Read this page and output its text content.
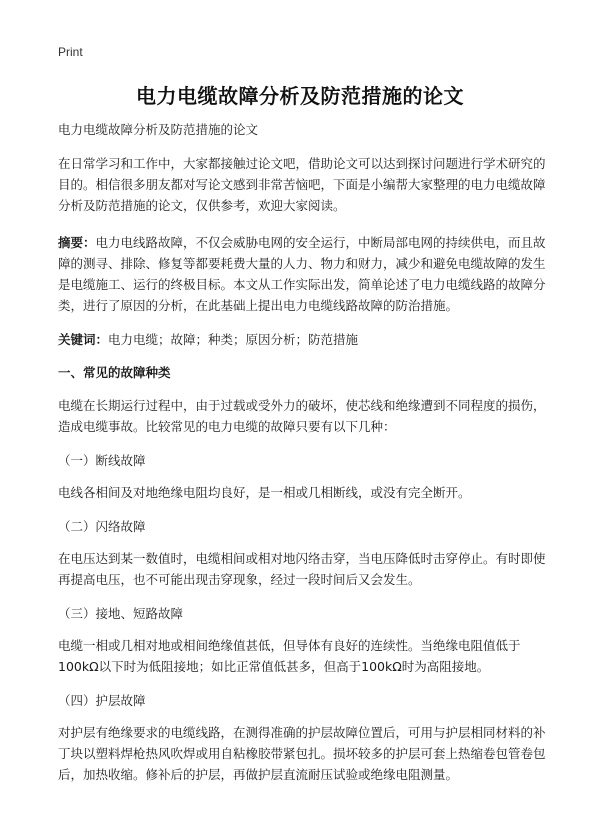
Print
电力电缆故障分析及防范措施的论文

电力电缆故障分析及防范措施的论文

在日常学习和工作中，大家都接触过论文吧，借助论文可以达到探讨问题进行学术研究的目的。相信很多朋友都对写论文感到非常苦恼吧，下面是小编帮大家整理的电力电缆故障分析及防范措施的论文，仅供参考，欢迎大家阅读。

摘要：电力电线路故障，不仅会威胁电网的安全运行，中断局部电网的持续供电，而且故障的测寻、排除、修复等都要耗费大量的人力、物力和财力，减少和避免电缆故障的发生是电缆施工、运行的终极目标。本文从工作实际出发，简单论述了电力电缆线路的故障分类，进行了原因的分析，在此基础上提出电力电缆线路故障的防治措施。

关键词：电力电缆；故障；种类；原因分析；防范措施

一、常见的故障种类

电缆在长期运行过程中，由于过载或受外力的破坏，使芯线和绝缘遭到不同程度的损伤，造成电缆事故。比较常见的电力电缆的故障只要有以下几种：

（一）断线故障

电线各相间及对地绝缘电阻均良好，是一相或几相断线，或没有完全断开。

（二）闪络故障

在电压达到某一数值时，电缆相间或相对地闪络击穿，当电压降低时击穿停止。有时即使再提高电压，也不可能出现击穿现象，经过一段时间后又会发生。

（三）接地、短路故障

电缆一相或几相对地或相间绝缘值甚低，但导体有良好的连续性。当绝缘电阻值低于100kΩ以下时为低阻接地；如比正常值低甚多，但高于100kΩ时为高阻接地。

（四）护层故障

对护层有绝缘要求的电缆线路，在测得准确的护层故障位置后，可用与护层相同材料的补丁块以塑料焊枪热风吹焊或用自粘橡胶带紧包扎。损坏较多的护层可套上热缩卷包管卷包后，加热收缩。修补后的护层，再做护层直流耐压试验或绝缘电阻测量。
